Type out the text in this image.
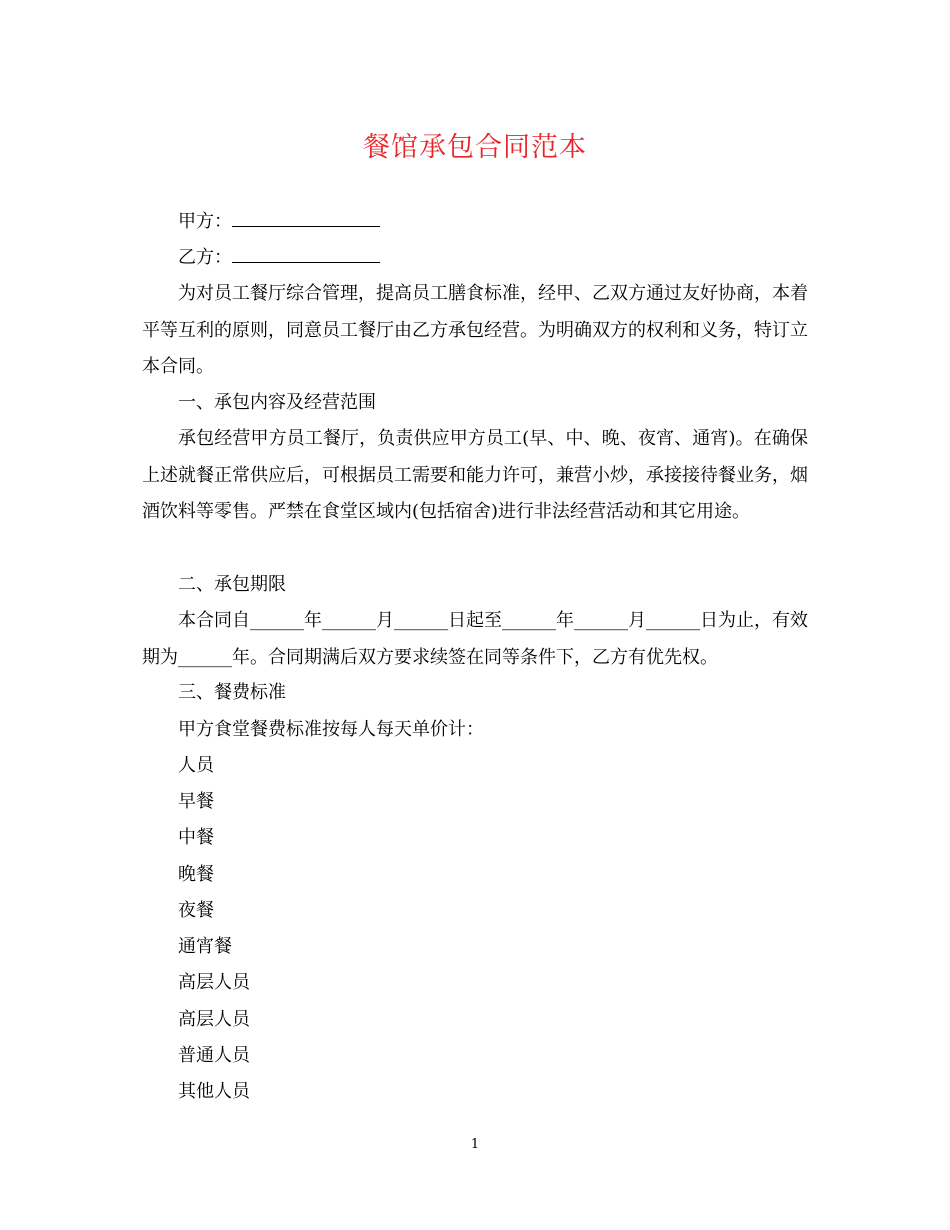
餐馆承包合同范本
甲方：
乙方：
为对员工餐厅综合管理，提高员工膳食标准，经甲、乙双方通过友好协商，本着平等互利的原则，同意员工餐厅由乙方承包经营。为明确双方的权利和义务，特订立本合同。
一、承包内容及经营范围
承包经营甲方员工餐厅，负责供应甲方员工(早、中、晚、夜宵、通宵)。在确保上述就餐正常供应后，可根据员工需要和能力许可，兼营小炒，承接接待餐业务，烟酒饮料等零售。严禁在食堂区域内(包括宿舍)进行非法经营活动和其它用途。
二、承包期限
本合同自______年______月______日起至______年______月______日为止，有效期为______年。合同期满后双方要求续签在同等条件下，乙方有优先权。
三、餐费标准
甲方食堂餐费标准按每人每天单价计：
人员
早餐
中餐
晚餐
夜餐
通宵餐
高层人员
高层人员
普通人员
其他人员
1
